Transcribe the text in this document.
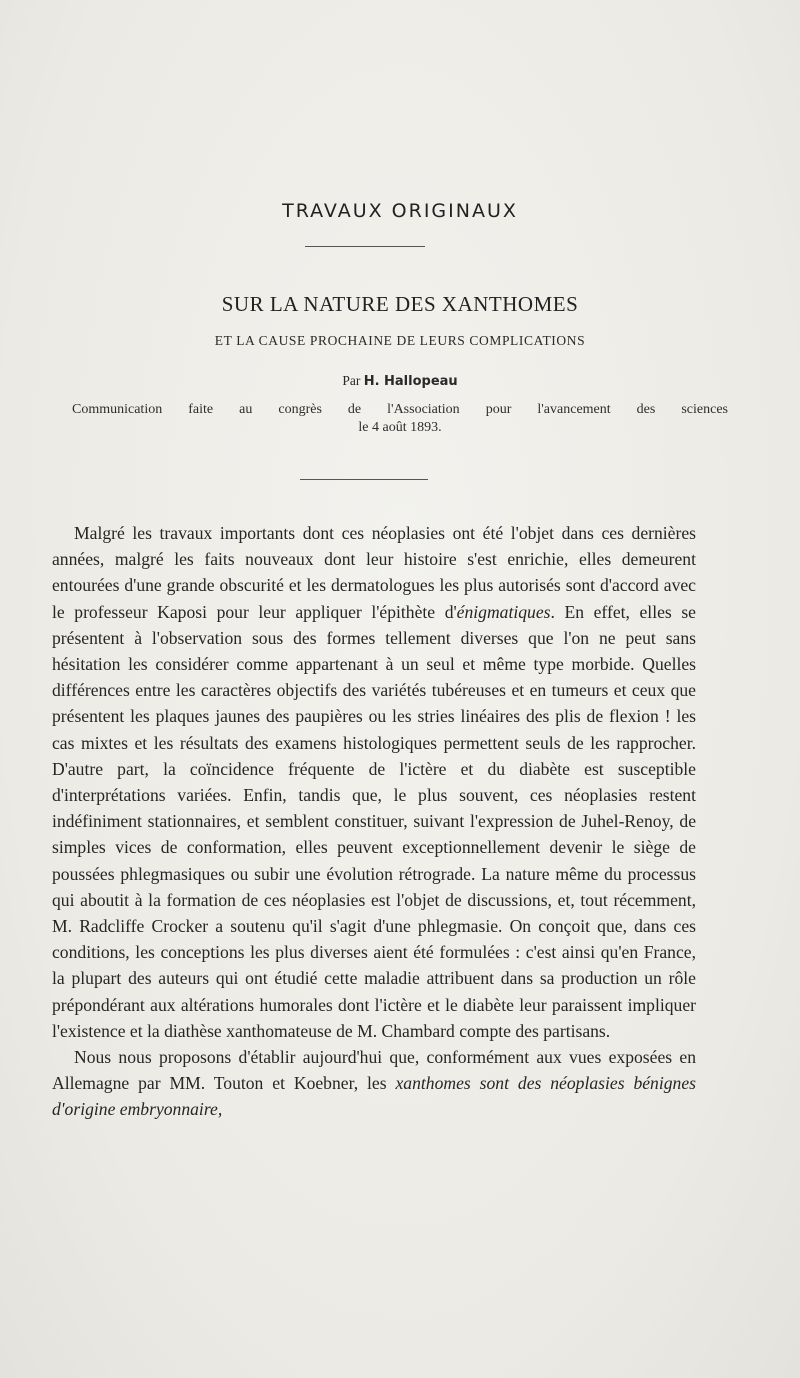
TRAVAUX ORIGINAUX
SUR LA NATURE DES XANTHOMES
ET LA CAUSE PROCHAINE DE LEURS COMPLICATIONS
Par H. Hallopeau
Communication faite au congrès de l'Association pour l'avancement des sciences
le 4 août 1893.

Malgré les travaux importants dont ces néoplasies ont été l'objet dans ces dernières années, malgré les faits nouveaux dont leur histoire s'est enrichie, elles demeurent entourées d'une grande obscurité et les dermatologues les plus autorisés sont d'accord avec le professeur Kaposi pour leur appliquer l'épithète d'énigmatiques. En effet, elles se présentent à l'observation sous des formes tellement diverses que l'on ne peut sans hésitation les considérer comme appartenant à un seul et même type morbide. Quelles différences entre les caractères objectifs des variétés tubéreuses et en tumeurs et ceux que présentent les plaques jaunes des paupières ou les stries linéaires des plis de flexion ! les cas mixtes et les résultats des examens histologiques permettent seuls de les rapprocher. D'autre part, la coïncidence fréquente de l'ictère et du diabète est susceptible d'interprétations variées. Enfin, tandis que, le plus souvent, ces néoplasies restent indéfiniment stationnaires, et semblent constituer, suivant l'expression de Juhel-Renoy, de simples vices de conformation, elles peuvent exceptionnellement devenir le siège de poussées phlegmasiques ou subir une évolution rétrograde. La nature même du processus qui aboutit à la formation de ces néoplasies est l'objet de discussions, et, tout récemment, M. Radcliffe Crocker a soutenu qu'il s'agit d'une phlegmasie. On conçoit que, dans ces conditions, les conceptions les plus diverses aient été formulées : c'est ainsi qu'en France, la plupart des auteurs qui ont étudié cette maladie attribuent dans sa production un rôle prépondérant aux altérations humorales dont l'ictère et le diabète leur paraissent impliquer l'existence et la diathèse xanthomateuse de M. Chambard compte des partisans.

Nous nous proposons d'établir aujourd'hui que, conformément aux vues exposées en Allemagne par MM. Touton et Koebner, les xanthomes sont des néoplasies bénignes d'origine embryonnaire,
